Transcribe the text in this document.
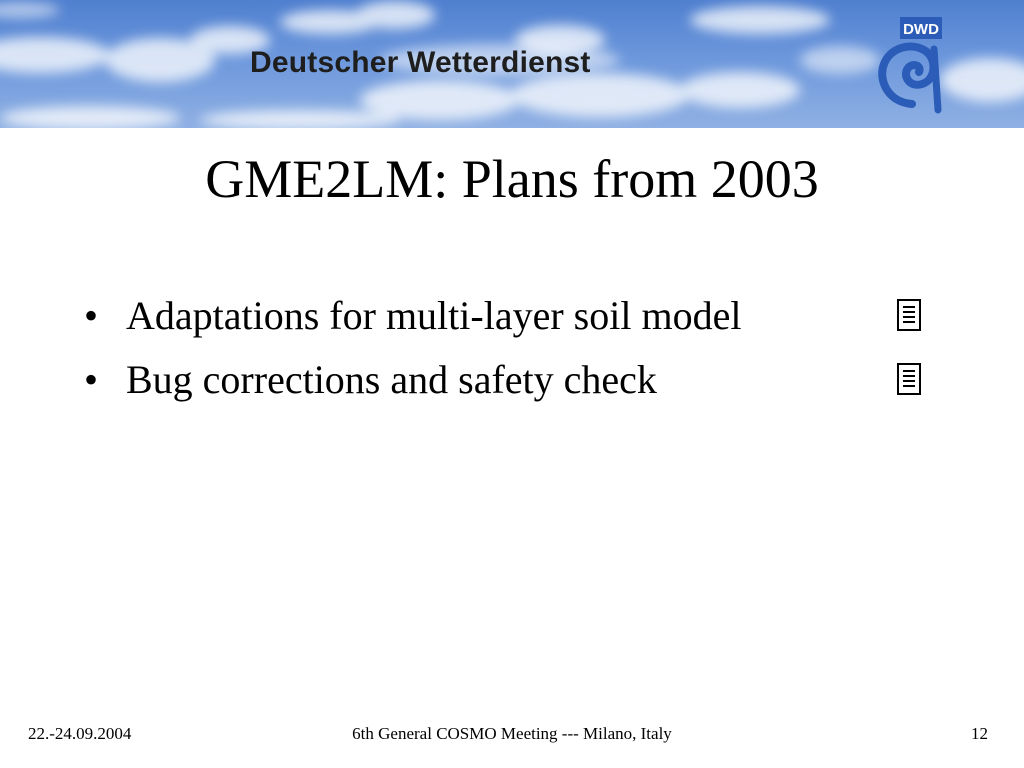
Deutscher Wetterdienst
DWD
GME2LM: Plans from 2003
• Adaptations for multi-layer soil model
• Bug corrections and safety check
22.-24.09.2004	6th General COSMO Meeting --- Milano, Italy	12
